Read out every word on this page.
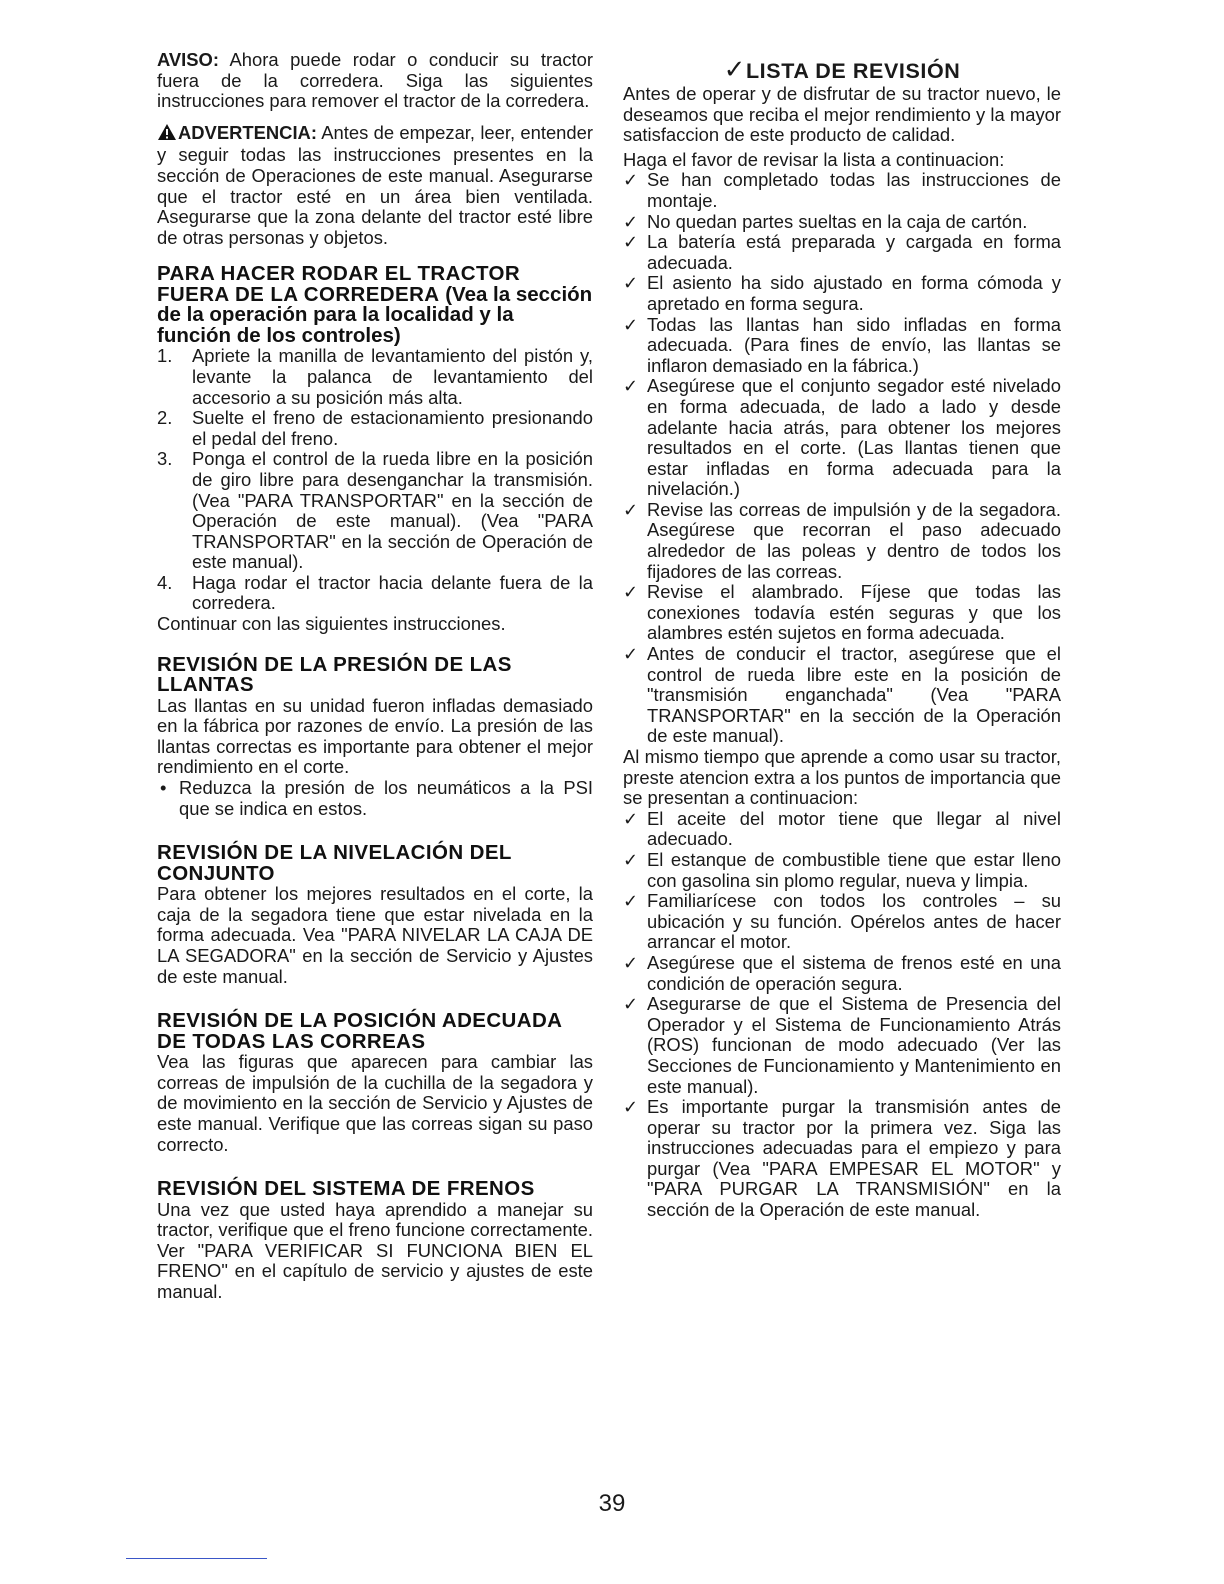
AVISO: Ahora puede rodar o conducir su tractor fuera de la corredera. Siga las siguientes instrucciones para remover el tractor de la corredera.

ADVERTENCIA: Antes de empezar, leer, entender y seguir todas las instrucciones presentes en la sección de Operaciones de este manual. Asegurarse que el tractor esté en un área bien ventilada. Asegurarse que la zona delante del tractor esté libre de otras personas y objetos.

PARA HACER RODAR EL TRACTOR FUERA DE LA CORREDERA (Vea la sección de la operación para la localidad y la función de los controles)
1. Apriete la manilla de levantamiento del pistón y, levante la palanca de levantamiento del accesorio a su posición más alta.
2. Suelte el freno de estacionamiento presionando el pedal del freno.
3. Ponga el control de la rueda libre en la posición de giro libre para desenganchar la transmisión. (Vea "PARA TRANSPORTAR" en la sección de Operación de este manual). (Vea "PARA TRANSPORTAR" en la sección de Operación de este manual).
4. Haga rodar el tractor hacia delante fuera de la corredera.

Continuar con las siguientes instrucciones.

REVISIÓN DE LA PRESIÓN DE LAS LLANTAS

Las llantas en su unidad fueron infladas demasiado en la fábrica por razones de envío. La presión de las llantas correctas es importante para obtener el mejor rendimiento en el corte.

• Reduzca la presión de los neumáticos a la PSI que se indica en estos.
REVISIÓN DE LA NIVELACIÓN DEL CONJUNTO

Para obtener los mejores resultados en el corte, la caja de la segadora tiene que estar nivelada en la forma adecuada. Vea "PARA NIVELAR LA CAJA DE LA SEGADORA" en la sección de Servicio y Ajustes de este manual.

REVISIÓN DE LA POSICIÓN ADECUADA DE TODAS LAS CORREAS

Vea las figuras que aparecen para cambiar las correas de impulsión de la cuchilla de la segadora y de movimiento en la sección de Servicio y Ajustes de este manual. Verifique que las correas sigan su paso correcto.

REVISIÓN DEL SISTEMA DE FRENOS

Una vez que usted haya aprendido a manejar su tractor, verifique que el freno funcione correctamente. Ver "PARA VERIFICAR SI FUNCIONA BIEN EL FRENO" en el capítulo de servicio y ajustes de este manual.

✓LISTA DE REVISIÓN

Antes de operar y de disfrutar de su tractor nuevo, le deseamos que reciba el mejor rendimiento y la mayor satisfaccion de este producto de calidad.

Haga el favor de revisar la lista a continuacion:

✓ Se han completado todas las instrucciones de montaje.
✓ No quedan partes sueltas en la caja de cartón.
✓ La batería está preparada y cargada en forma adecuada.
✓ El asiento ha sido ajustado en forma cómoda y apretado en forma segura.
✓ Todas las llantas han sido infladas en forma adecuada. (Para fines de envío, las llantas se inflaron demasiado en la fábrica.)
✓ Asegúrese que el conjunto segador esté nivelado en forma adecuada, de lado a lado y desde adelante hacia atrás, para obtener los mejores resultados en el corte. (Las llantas tienen que estar infladas en forma adecuada para la nivelación.)
✓ Revise las correas de impulsión y de la segadora. Asegúrese que recorran el paso adecuado alrededor de las poleas y dentro de todos los fijadores de las correas.
✓ Revise el alambrado. Fíjese que todas las conexiones todavía estén seguras y que los alambres estén sujetos en forma adecuada.
✓ Antes de conducir el tractor, asegúrese que el control de rueda libre este en la posición de "transmisión enganchada" (Vea "PARA TRANSPORTAR" en la sección de la Operación de este manual).

Al mismo tiempo que aprende a como usar su tractor, preste atencion extra a los puntos de importancia que se presentan a continuacion:

✓ El aceite del motor tiene que llegar al nivel adecuado.
✓ El estanque de combustible tiene que estar lleno con gasolina sin plomo regular, nueva y limpia.
✓ Familiarícese con todos los controles – su ubicación y su función. Opérelos antes de hacer arrancar el motor.
✓ Asegúrese que el sistema de frenos esté en una condición de operación segura.
✓ Asegurarse de que el Sistema de Presencia del Operador y el Sistema de Funcionamiento Atrás (ROS) funcionan de modo adecuado (Ver las Secciones de Funcionamiento y Mantenimiento en este manual).
✓ Es importante purgar la transmisión antes de operar su tractor por la primera vez. Siga las instrucciones adecuadas para el empiezo y para purgar (Vea "PARA EMPESAR EL MOTOR" y "PARA PURGAR LA TRANSMISIÓN" en la sección de la Operación de este manual.
39
